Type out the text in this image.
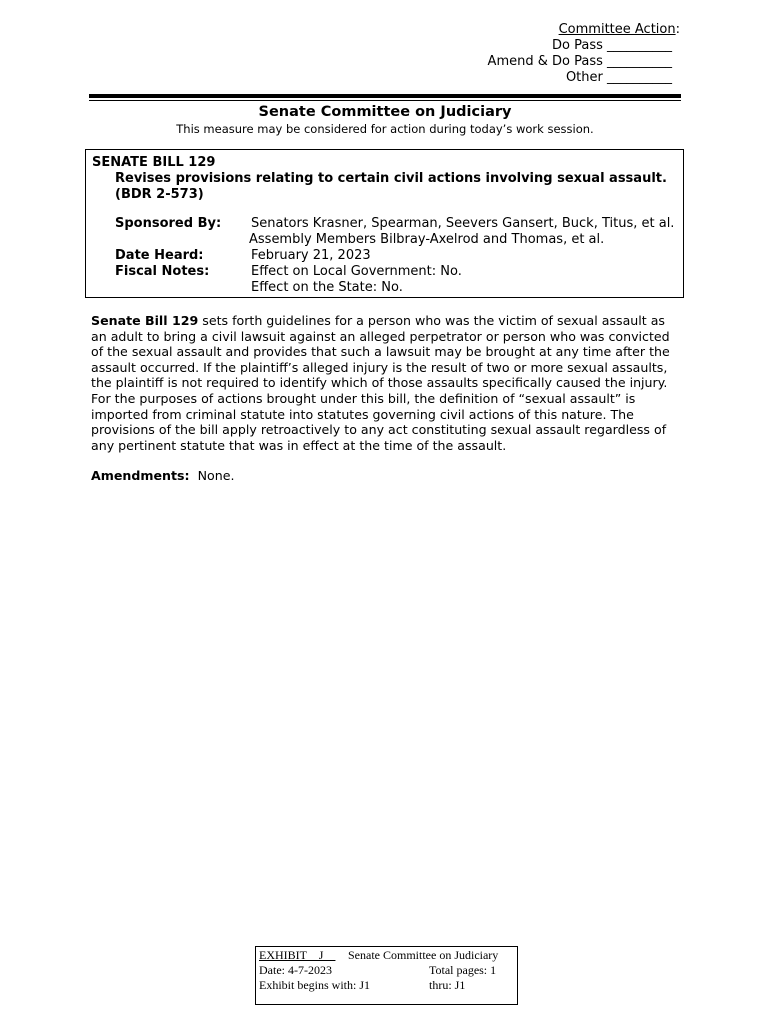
Committee Action:
Do Pass __________
Amend & Do Pass __________
Other __________
Senate Committee on Judiciary
This measure may be considered for action during today’s work session.
SENATE BILL 129
Revises provisions relating to certain civil actions involving sexual assault.
(BDR 2-573)
Sponsored By: Senators Krasner, Spearman, Seevers Gansert, Buck, Titus, et al.
Assembly Members Bilbray-Axelrod and Thomas, et al.
Date Heard:	February 21, 2023
Fiscal Notes:	Effect on Local Government: No.
Effect on the State: No.
Senate Bill 129 sets forth guidelines for a person who was the victim of sexual assault as an adult to bring a civil lawsuit against an alleged perpetrator or person who was convicted of the sexual assault and provides that such a lawsuit may be brought at any time after the assault occurred. If the plaintiff’s alleged injury is the result of two or more sexual assaults, the plaintiff is not required to identify which of those assaults specifically caused the injury. For the purposes of actions brought under this bill, the definition of “sexual assault” is imported from criminal statute into statutes governing civil actions of this nature. The provisions of the bill apply retroactively to any act constituting sexual assault regardless of any pertinent statute that was in effect at the time of the assault.
Amendments: None.
EXHIBIT    J Senate Committee on Judiciary
Date: 4-7-2023	Total pages: 1
Exhibit begins with: J1	thru: J1
